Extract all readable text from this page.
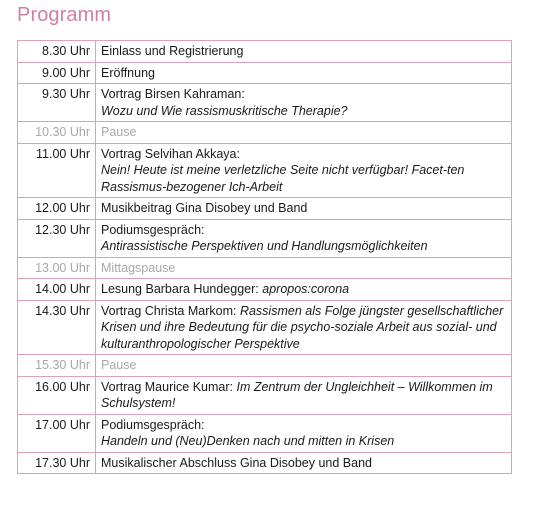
Programm
8.30 Uhr	Einlass und Registrierung
9.00 Uhr	Eröffnung
9.30 Uhr	Vortrag Birsen Kahraman:
Wozu und Wie rassismuskritische Therapie?
10.30 Uhr	Pause
11.00 Uhr	Vortrag Selvihan Akkaya:
Nein! Heute ist meine verletzliche Seite nicht verfügbar! Facet-ten Rassismus-bezogener Ich-Arbeit
12.00 Uhr	Musikbeitrag Gina Disobey und Band
12.30 Uhr	Podiumsgespräch:
Antirassistische Perspektiven und Handlungsmöglichkeiten
13.00 Uhr	Mittagspause
14.00 Uhr	Lesung Barbara Hundegger: apropos:corona
14.30 Uhr	Vortrag Christa Markom: Rassismen als Folge jüngster gesellschaftlicher Krisen und ihre Bedeutung für die psycho-soziale Arbeit aus sozial- und kulturanthropologischer Perspektive
15.30 Uhr	Pause
16.00 Uhr	Vortrag Maurice Kumar: Im Zentrum der Ungleichheit – Willkommen im Schulsystem!
17.00 Uhr	Podiumsgespräch:
Handeln und (Neu)Denken nach und mitten in Krisen
17.30 Uhr	Musikalischer Abschluss Gina Disobey und Band
